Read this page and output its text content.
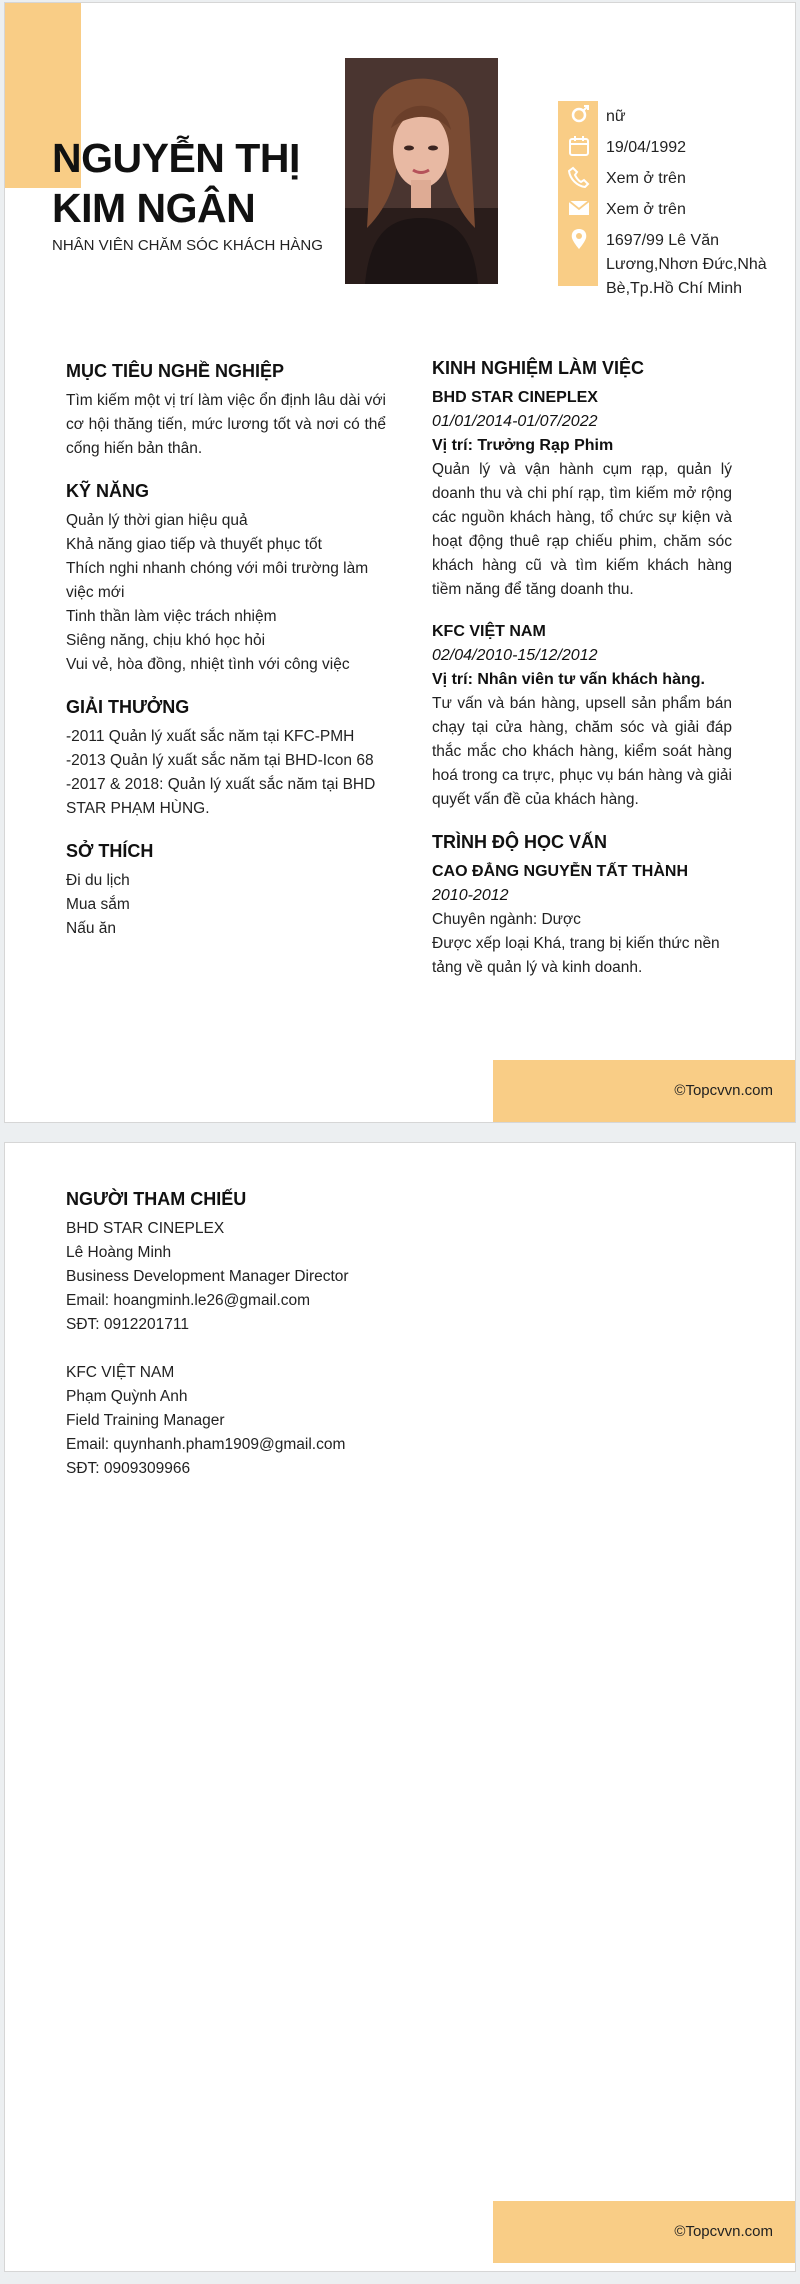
NGUYỄN THỊ
KIM NGÂN
NHÂN VIÊN CHĂM SÓC KHÁCH HÀNG
nữ
19/04/1992
Xem ở trên
Xem ở trên
1697/99 Lê Văn Lương,Nhơn Đức,Nhà Bè,Tp.Hồ Chí Minh
MỤC TIÊU NGHỀ NGHIỆP

Tìm kiếm một vị trí làm việc ổn định lâu dài với cơ hội thăng tiến, mức lương tốt và nơi có thể cống hiến bản thân.

KỸ NĂNG
Quản lý thời gian hiệu quả
Khả năng giao tiếp và thuyết phục tốt
Thích nghi nhanh chóng với môi trường làm việc mới
Tinh thần làm việc trách nhiệm
Siêng năng, chịu khó học hỏi
Vui vẻ, hòa đồng, nhiệt tình với công việc
GIẢI THƯỞNG
-2011 Quản lý xuất sắc năm tại KFC-PMH
-2013 Quản lý xuất sắc năm tại BHD-Icon 68
-2017 & 2018: Quản lý xuất sắc năm tại BHD STAR PHẠM HÙNG.
SỞ THÍCH
Đi du lịch
Mua sắm
Nấu ăn
KINH NGHIỆM LÀM VIỆC
BHD STAR CINEPLEX
01/01/2014-01/07/2022
Vị trí: Trưởng Rạp Phim

Quản lý và vận hành cụm rạp, quản lý doanh thu và chi phí rạp, tìm kiếm mở rộng các nguồn khách hàng, tổ chức sự kiện và hoạt động thuê rạp chiếu phim, chăm sóc khách hàng cũ và tìm kiếm khách hàng tiềm năng để tăng doanh thu.

KFC VIỆT NAM
02/04/2010-15/12/2012
Vị trí: Nhân viên tư vấn khách hàng.

Tư vấn và bán hàng, upsell sản phẩm bán chạy tại cửa hàng, chăm sóc và giải đáp thắc mắc cho khách hàng, kiểm soát hàng hoá trong ca trực, phục vụ bán hàng và giải quyết vấn đề của khách hàng.

TRÌNH ĐỘ HỌC VẤN
CAO ĐẲNG NGUYỄN TẤT THÀNH
2010-2012

Chuyên ngành: Dược

Được xếp loại Khá, trang bị kiến thức nền tảng về quản lý và kinh doanh.

©Topcvvn.com
NGƯỜI THAM CHIẾU
BHD STAR CINEPLEX
Lê Hoàng Minh
Business Development Manager Director
Email: hoangminh.le26@gmail.com
SĐT: 0912201711
KFC VIỆT NAM
Phạm Quỳnh Anh
Field Training Manager
Email: quynhanh.pham1909@gmail.com
SĐT: 0909309966
©Topcvvn.com
